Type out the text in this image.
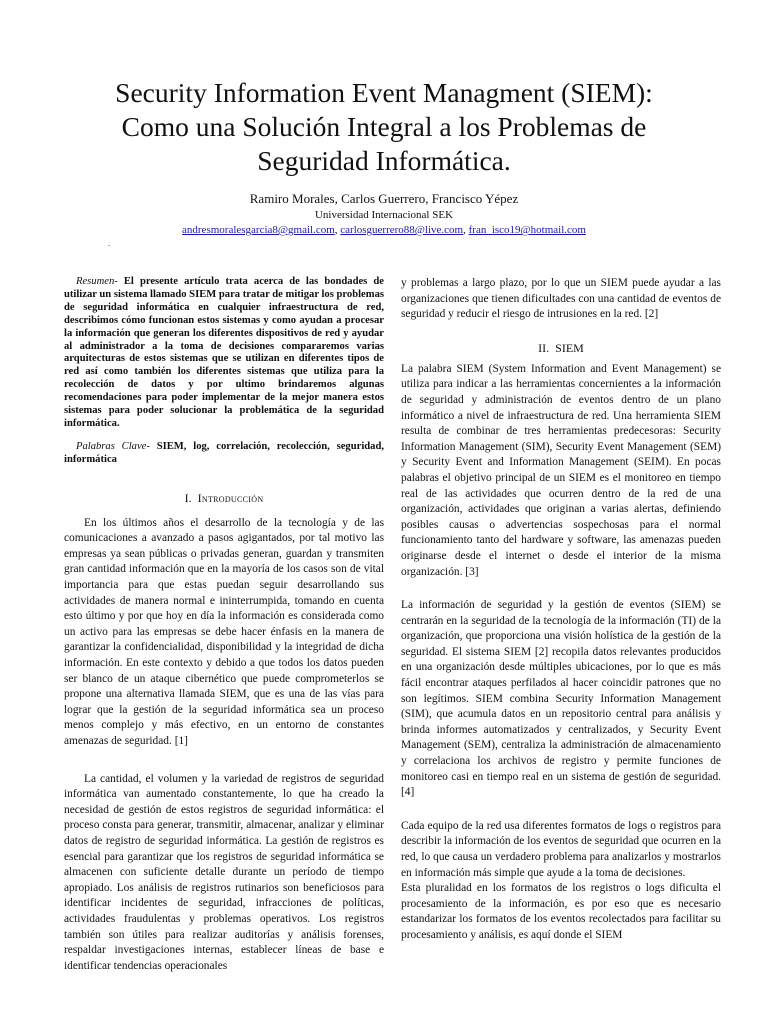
Security Information Event Managment (SIEM):
Como una Solución Integral a los Problemas de
Seguridad Informática.
Ramiro Morales, Carlos Guerrero, Francisco Yépez
Universidad Internacional SEK
andresmoralesgarcia8@gmail.com, carlosguerrero88@live.com, fran_isco19@hotmail.com
.

Resumen- El presente artículo trata acerca de las bondades de utilizar un sistema llamado SIEM para tratar de mitigar los problemas de seguridad informática en cualquier infraestructura de red, describimos cómo funcionan estos sistemas y como ayudan a procesar la información que generan los diferentes dispositivos de red y ayudar al administrador a la toma de decisiones compararemos varias arquitecturas de estos sistemas que se utilizan en diferentes tipos de red así como también los diferentes sistemas que utiliza para la recolección de datos y por ultimo brindaremos algunas recomendaciones para poder implementar de la mejor manera estos sistemas para poder solucionar la problemática de la seguridad informática.

Palabras Clave- SIEM, log, correlación, recolección, seguridad, informática

I. Introducción

En los últimos años el desarrollo de la tecnología y de las comunicaciones a avanzado a pasos agigantados, por tal motivo las empresas ya sean públicas o privadas generan, guardan y transmiten gran cantidad información que en la mayoría de los casos son de vital importancia para que estas puedan seguir desarrollando sus actividades de manera normal e ininterrumpida, tomando en cuenta esto último y por que hoy en día la información es considerada como un activo para las empresas se debe hacer énfasis en la manera de garantizar la confidencialidad, disponibilidad y la integridad de dicha información. En este contexto y debido a que todos los datos pueden ser blanco de un ataque cibernético que puede comprometerlos se propone una alternativa llamada SIEM, que es una de las vías para lograr que la gestión de la seguridad informática sea un proceso menos complejo y más efectivo, en un entorno de constantes amenazas de seguridad. [1]

La cantidad, el volumen y la variedad de registros de seguridad informática van aumentado constantemente, lo que ha creado la necesidad de gestión de estos registros de seguridad informática: el proceso consta para generar, transmitir, almacenar, analizar y eliminar datos de registro de seguridad informática. La gestión de registros es esencial para garantizar que los registros de seguridad informática se almacenen con suficiente detalle durante un período de tiempo apropiado. Los análisis de registros rutinarios son beneficiosos para identificar incidentes de seguridad, infracciones de políticas, actividades fraudulentas y problemas operativos. Los registros también son útiles para realizar auditorías y análisis forenses, respaldar investigaciones internas, establecer líneas de base e identificar tendencias operacionales

y problemas a largo plazo, por lo que un SIEM puede ayudar a las organizaciones que tienen dificultades con una cantidad de eventos de seguridad y reducir el riesgo de intrusiones en la red. [2]

II. SIEM

La palabra SIEM (System Information and Event Management) se utiliza para indicar a las herramientas concernientes a la información de seguridad y administración de eventos dentro de un plano informático a nivel de infraestructura de red. Una herramienta SIEM resulta de combinar de tres herramientas predecesoras: Security Information Management (SIM), Security Event Management (SEM) y Security Event and Information Management (SEIM). En pocas palabras el objetivo principal de un SIEM es el monitoreo en tiempo real de las actividades que ocurren dentro de la red de una organización, actividades que originan a varias alertas, definiendo posibles causas o advertencias sospechosas para el normal funcionamiento tanto del hardware y software, las amenazas pueden originarse desde el internet o desde el interior de la misma organización. [3]

La información de seguridad y la gestión de eventos (SIEM) se centrarán en la seguridad de la tecnología de la información (TI) de la organización, que proporciona una visión holística de la gestión de la seguridad. El sistema SIEM [2] recopila datos relevantes producidos en una organización desde múltiples ubicaciones, por lo que es más fácil encontrar ataques perfilados al hacer coincidir patrones que no son legítimos. SIEM combina Security Information Management (SIM), que acumula datos en un repositorio central para análisis y brinda informes automatizados y centralizados, y Security Event Management (SEM), centraliza la administración de almacenamiento y correlaciona los archivos de registro y permite funciones de monitoreo casi en tiempo real en un sistema de gestión de seguridad. [4]

Cada equipo de la red usa diferentes formatos de logs o registros para describir la información de los eventos de seguridad que ocurren en la red, lo que causa un verdadero problema para analizarlos y mostrarlos en información más simple que ayude a la toma de decisiones.

Esta pluralidad en los formatos de los registros o logs dificulta el procesamiento de la información, es por eso que es necesario estandarizar los formatos de los eventos recolectados para facilitar su procesamiento y análisis, es aquí donde el SIEM
